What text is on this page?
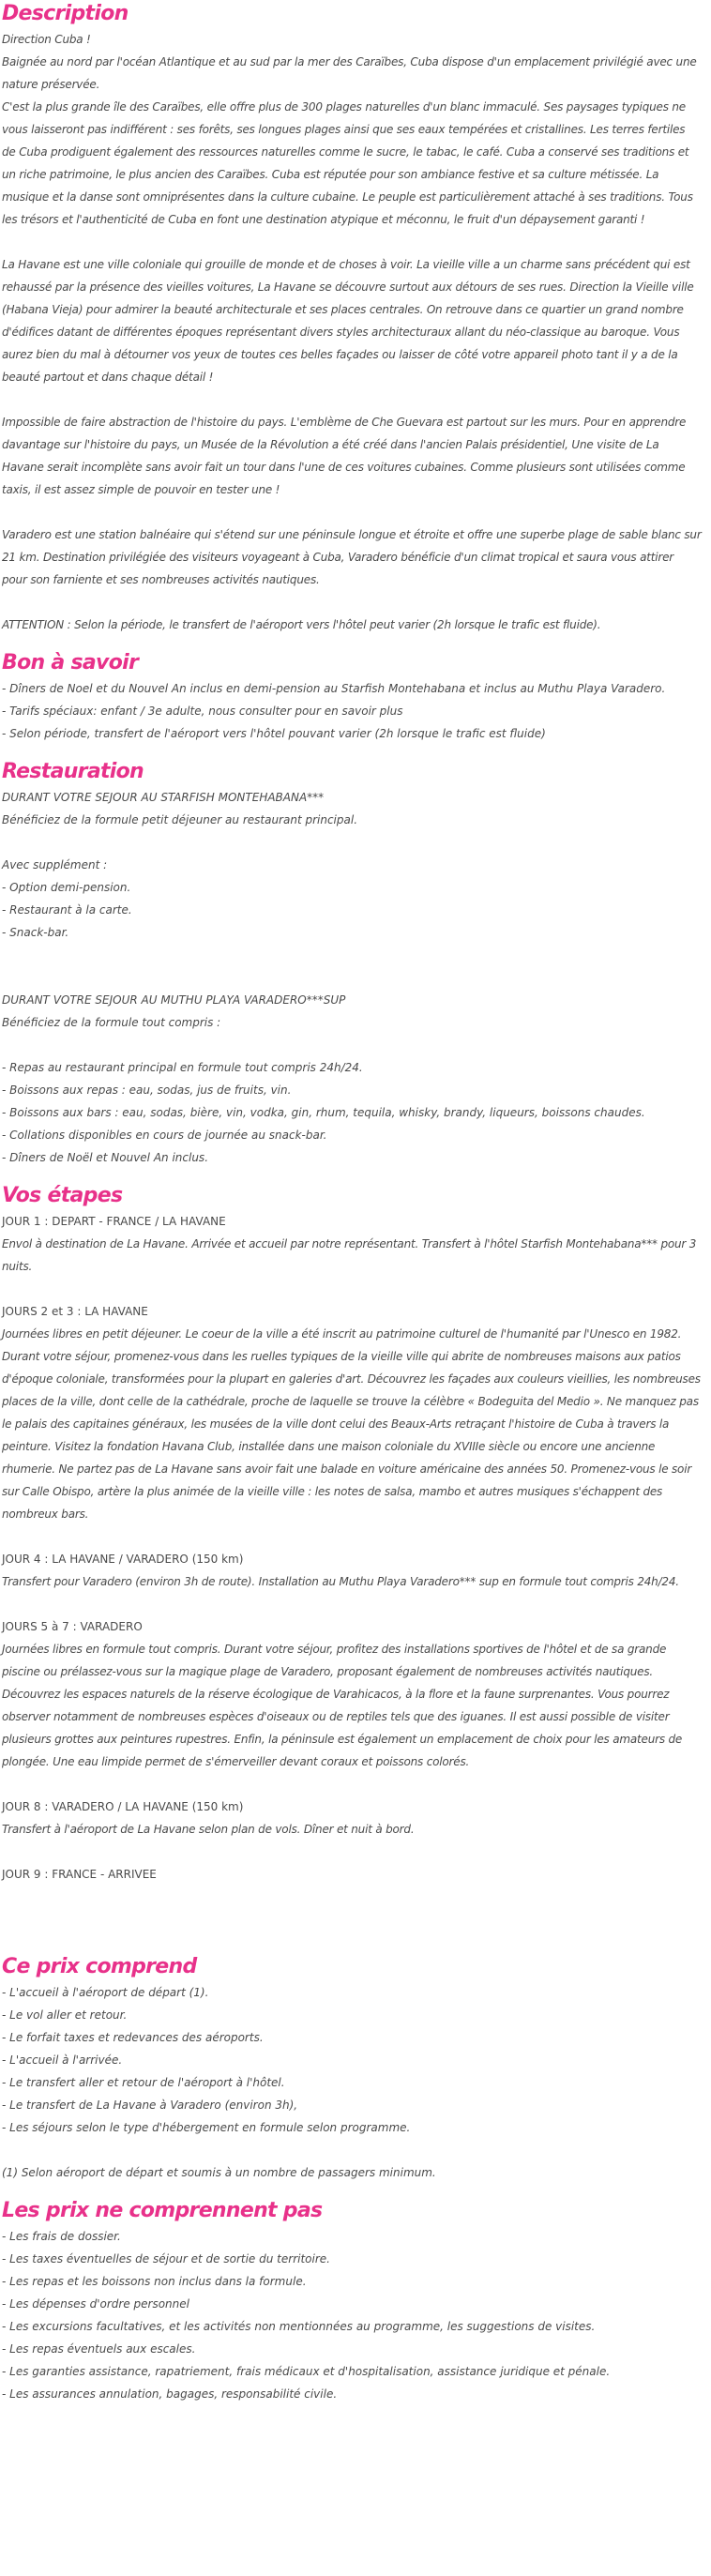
Description

Direction Cuba !

Baignée au nord par l'océan Atlantique et au sud par la mer des Caraïbes, Cuba dispose d'un emplacement privilégié avec une nature préservée.

C'est la plus grande île des Caraïbes, elle offre plus de 300 plages naturelles d'un blanc immaculé. Ses paysages typiques ne vous laisseront pas indifférent : ses forêts, ses longues plages ainsi que ses eaux tempérées et cristallines. Les terres fertiles de Cuba prodiguent également des ressources naturelles comme le sucre, le tabac, le café. Cuba a conservé ses traditions et un riche patrimoine, le plus ancien des Caraïbes. Cuba est réputée pour son ambiance festive et sa culture métissée. La musique et la danse sont omniprésentes dans la culture cubaine. Le peuple est particulièrement attaché à ses traditions. Tous les trésors et l'authenticité de Cuba en font une destination atypique et méconnu, le fruit d'un dépaysement garanti !

La Havane est une ville coloniale qui grouille de monde et de choses à voir. La vieille ville a un charme sans précédent qui est rehaussé par la présence des vieilles voitures, La Havane se découvre surtout aux détours de ses rues. Direction la Vieille ville (Habana Vieja) pour admirer la beauté architecturale et ses places centrales. On retrouve dans ce quartier un grand nombre d'édifices datant de différentes époques représentant divers styles architecturaux allant du néo-classique au baroque. Vous aurez bien du mal à détourner vos yeux de toutes ces belles façades ou laisser de côté votre appareil photo tant il y a de la beauté partout et dans chaque détail !

Impossible de faire abstraction de l'histoire du pays. L'emblème de Che Guevara est partout sur les murs. Pour en apprendre davantage sur l'histoire du pays, un Musée de la Révolution a été créé dans l'ancien Palais présidentiel, Une visite de La Havane serait incomplète sans avoir fait un tour dans l'une de ces voitures cubaines. Comme plusieurs sont utilisées comme taxis, il est assez simple de pouvoir en tester une !

Varadero est une station balnéaire qui s'étend sur une péninsule longue et étroite et offre une superbe plage de sable blanc sur 21 km. Destination privilégiée des visiteurs voyageant à Cuba, Varadero bénéficie d'un climat tropical et saura vous attirer pour son farniente et ses nombreuses activités nautiques.

ATTENTION : Selon la période, le transfert de l'aéroport vers l'hôtel peut varier (2h lorsque le trafic est fluide).

Bon à savoir

- Dîners de Noel et du Nouvel An inclus en demi-pension au Starfish Montehabana et inclus au Muthu Playa Varadero.

- Tarifs spéciaux: enfant / 3e adulte, nous consulter pour en savoir plus

- Selon période, transfert de l'aéroport vers l'hôtel pouvant varier (2h lorsque le trafic est fluide)

Restauration

DURANT VOTRE SEJOUR AU STARFISH MONTEHABANA***

Bénéficiez de la formule petit déjeuner au restaurant principal.

Avec supplément :

- Option demi-pension.

- Restaurant à la carte.

- Snack-bar.

DURANT VOTRE SEJOUR AU MUTHU PLAYA VARADERO***SUP

Bénéficiez de la formule tout compris :

- Repas au restaurant principal en formule tout compris 24h/24.

- Boissons aux repas : eau, sodas, jus de fruits, vin.

- Boissons aux bars : eau, sodas, bière, vin, vodka, gin, rhum, tequila, whisky, brandy, liqueurs, boissons chaudes.

- Collations disponibles en cours de journée au snack-bar.

- Dîners de Noël et Nouvel An inclus.

Vos étapes

JOUR 1 : DEPART - FRANCE / LA HAVANE

Envol à destination de La Havane. Arrivée et accueil par notre représentant. Transfert à l'hôtel Starfish Montehabana*** pour 3 nuits.

JOURS 2 et 3 : LA HAVANE

Journées libres en petit déjeuner. Le coeur de la ville a été inscrit au patrimoine culturel de l'humanité par l'Unesco en 1982. Durant votre séjour, promenez-vous dans les ruelles typiques de la vieille ville qui abrite de nombreuses maisons aux patios d'époque coloniale, transformées pour la plupart en galeries d'art. Découvrez les façades aux couleurs vieillies, les nombreuses places de la ville, dont celle de la cathédrale, proche de laquelle se trouve la célèbre « Bodeguita del Medio ». Ne manquez pas le palais des capitaines généraux, les musées de la ville dont celui des Beaux-Arts retraçant l'histoire de Cuba à travers la peinture. Visitez la fondation Havana Club, installée dans une maison coloniale du XVIIIe siècle ou encore une ancienne rhumerie. Ne partez pas de La Havane sans avoir fait une balade en voiture américaine des années 50. Promenez-vous le soir sur Calle Obispo, artère la plus animée de la vieille ville : les notes de salsa, mambo et autres musiques s'échappent des nombreux bars.

JOUR 4 : LA HAVANE / VARADERO (150 km)

Transfert pour Varadero (environ 3h de route). Installation au Muthu Playa Varadero*** sup en formule tout compris 24h/24.

JOURS 5 à 7 : VARADERO

Journées libres en formule tout compris. Durant votre séjour, profitez des installations sportives de l'hôtel et de sa grande piscine ou prélassez-vous sur la magique plage de Varadero, proposant également de nombreuses activités nautiques. Découvrez les espaces naturels de la réserve écologique de Varahicacos, à la flore et la faune surprenantes. Vous pourrez observer notamment de nombreuses espèces d'oiseaux ou de reptiles tels que des iguanes. Il est aussi possible de visiter plusieurs grottes aux peintures rupestres. Enfin, la péninsule est également un emplacement de choix pour les amateurs de plongée. Une eau limpide permet de s'émerveiller devant coraux et poissons colorés.

JOUR 8 : VARADERO / LA HAVANE (150 km)

Transfert à l'aéroport de La Havane selon plan de vols. Dîner et nuit à bord.

JOUR 9 : FRANCE - ARRIVEE

Ce prix comprend

- L'accueil à l'aéroport de départ (1).

- Le vol aller et retour.

- Le forfait taxes et redevances des aéroports.

- L'accueil à l'arrivée.

- Le transfert aller et retour de l'aéroport à l'hôtel.

- Le transfert de La Havane à Varadero (environ 3h),

- Les séjours selon le type d'hébergement en formule selon programme.

(1) Selon aéroport de départ et soumis à un nombre de passagers minimum.

Les prix ne comprennent pas

- Les frais de dossier.

- Les taxes éventuelles de séjour et de sortie du territoire.

- Les repas et les boissons non inclus dans la formule.

- Les dépenses d'ordre personnel

- Les excursions facultatives, et les activités non mentionnées au programme, les suggestions de visites.

- Les repas éventuels aux escales.

- Les garanties assistance, rapatriement, frais médicaux et d'hospitalisation, assistance juridique et pénale.

- Les assurances annulation, bagages, responsabilité civile.
